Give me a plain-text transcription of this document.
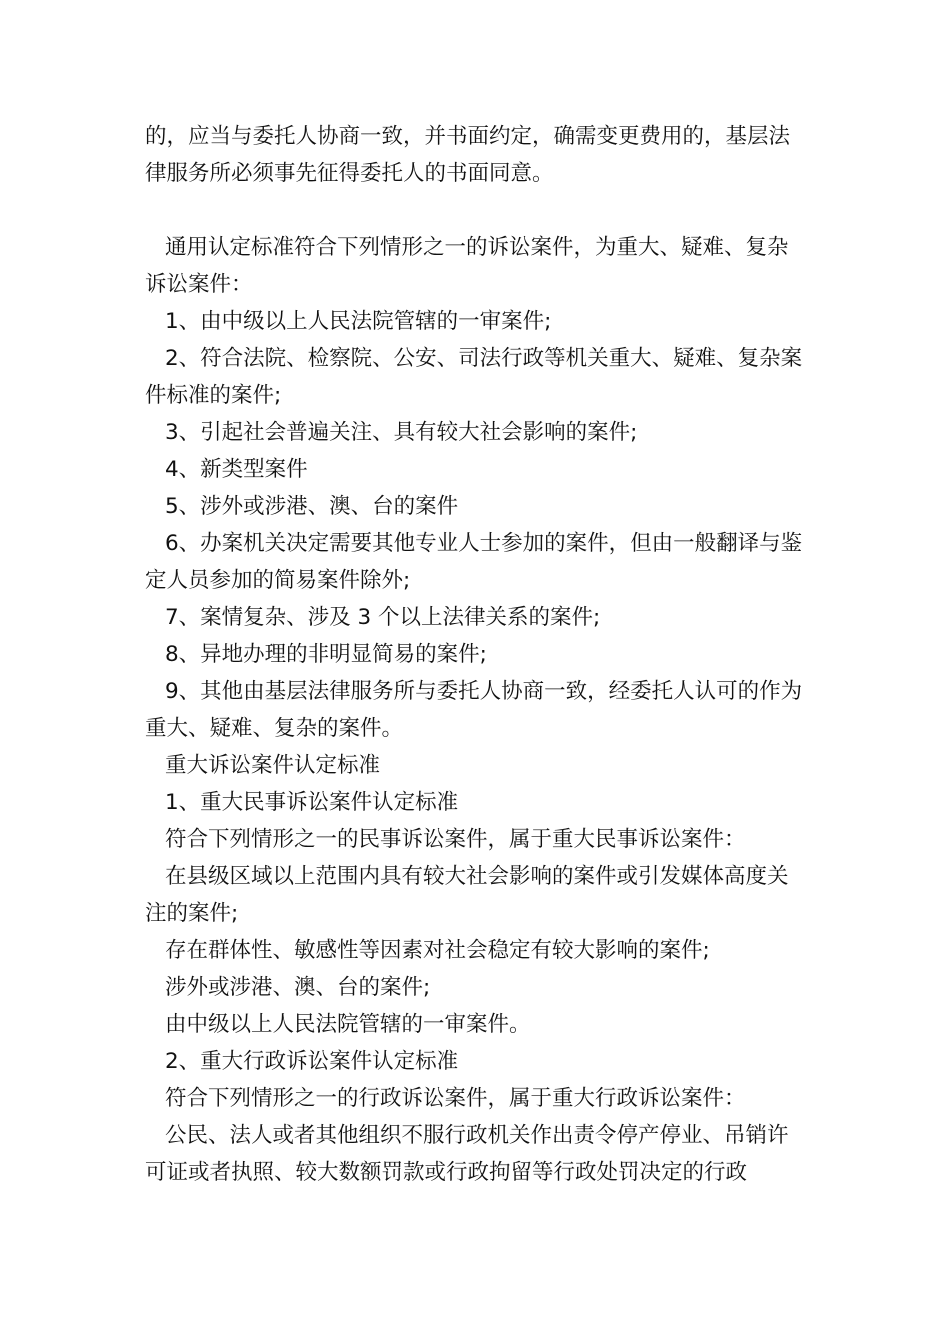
的，应当与委托人协商一致，并书面约定，确需变更费用的，基层法律服务所必须事先征得委托人的书面同意。

通用认定标准符合下列情形之一的诉讼案件，为重大、疑难、复杂诉讼案件：

1、由中级以上人民法院管辖的一审案件;

2、符合法院、检察院、公安、司法行政等机关重大、疑难、复杂案件标准的案件;

3、引起社会普遍关注、具有较大社会影响的案件;

4、新类型案件

5、涉外或涉港、澳、台的案件

6、办案机关决定需要其他专业人士参加的案件，但由一般翻译与鉴定人员参加的简易案件除外;

7、案情复杂、涉及 3 个以上法律关系的案件;

8、异地办理的非明显简易的案件;

9、其他由基层法律服务所与委托人协商一致，经委托人认可的作为重大、疑难、复杂的案件。

重大诉讼案件认定标准

1、重大民事诉讼案件认定标准

符合下列情形之一的民事诉讼案件，属于重大民事诉讼案件：

在县级区域以上范围内具有较大社会影响的案件或引发媒体高度关注的案件;

存在群体性、敏感性等因素对社会稳定有较大影响的案件;

涉外或涉港、澳、台的案件;

由中级以上人民法院管辖的一审案件。

2、重大行政诉讼案件认定标准

符合下列情形之一的行政诉讼案件，属于重大行政诉讼案件：

公民、法人或者其他组织不服行政机关作出责令停产停业、吊销许可证或者执照、较大数额罚款或行政拘留等行政处罚决定的行政
